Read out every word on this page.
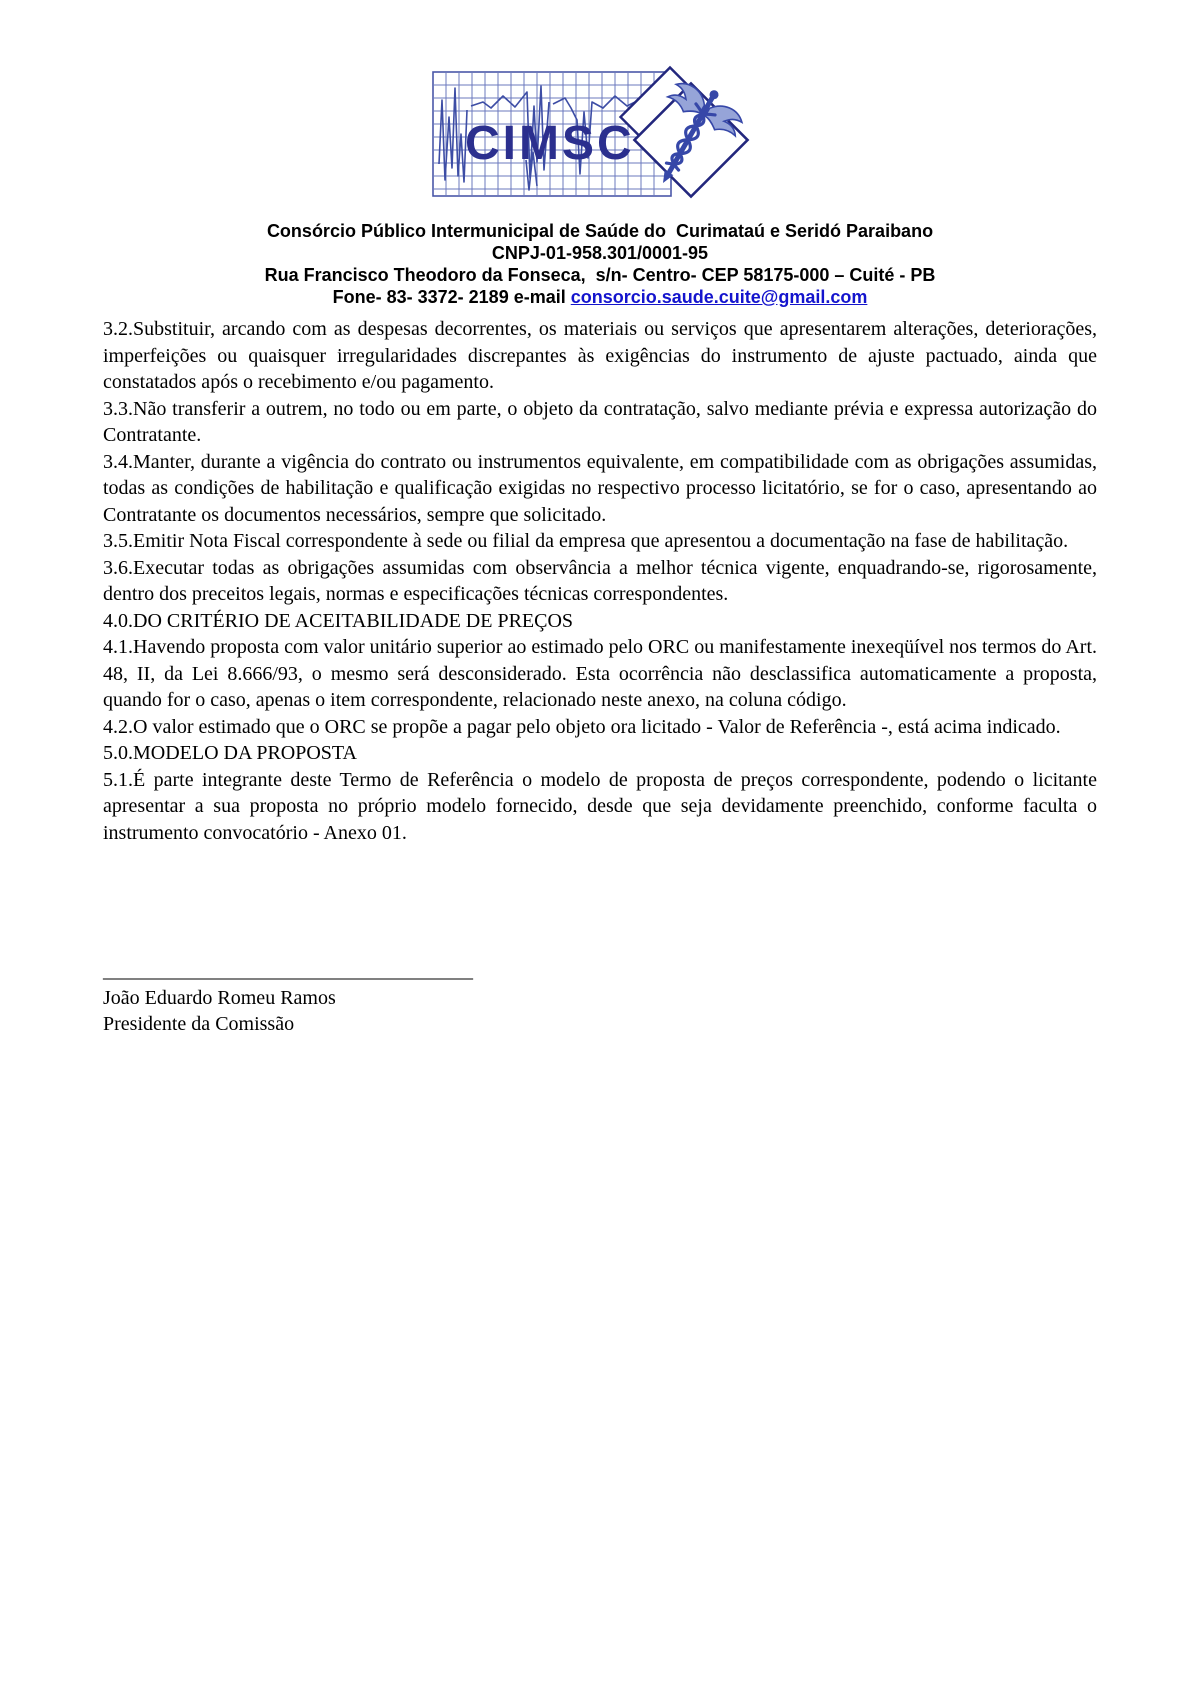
CIMSC
Consórcio Público Intermunicipal de Saúde do  Curimataú e Seridó Paraibano
CNPJ-01-958.301/0001-95
Rua Francisco Theodoro da Fonseca,  s/n- Centro- CEP 58175-000 – Cuité - PB
Fone- 83- 3372- 2189 e-mail consorcio.saude.cuite@gmail.com

3.2.Substituir, arcando com as despesas decorrentes, os materiais ou serviços que apresentarem alterações, deteriorações, imperfeições ou quaisquer irregularidades discrepantes às exigências do instrumento de ajuste pactuado, ainda que constatados após o recebimento e/ou pagamento.

3.3.Não transferir a outrem, no todo ou em parte, o objeto da contratação, salvo mediante prévia e expressa autorização do Contratante.

3.4.Manter, durante a vigência do contrato ou instrumentos equivalente, em compatibilidade com as obrigações assumidas, todas as condições de habilitação e qualificação exigidas no respectivo processo licitatório, se for o caso, apresentando ao Contratante os documentos necessários, sempre que solicitado.

3.5.Emitir Nota Fiscal correspondente à sede ou filial da empresa que apresentou a documentação na fase de habilitação.

3.6.Executar todas as obrigações assumidas com observância a melhor técnica vigente, enquadrando-se, rigorosamente, dentro dos preceitos legais, normas e especificações técnicas correspondentes.

4.0.DO CRITÉRIO DE ACEITABILIDADE DE PREÇOS

4.1.Havendo proposta com valor unitário superior ao estimado pelo ORC ou manifestamente inexeqüível nos termos do Art. 48, II, da Lei 8.666/93, o mesmo será desconsiderado. Esta ocorrência não desclassifica automaticamente a proposta, quando for o caso, apenas o item correspondente, relacionado neste anexo, na coluna código.

4.2.O valor estimado que o ORC se propõe a pagar pelo objeto ora licitado - Valor de Referência -, está acima indicado.

5.0.MODELO DA PROPOSTA

5.1.É parte integrante deste Termo de Referência o modelo de proposta de preços correspondente, podendo o licitante apresentar a sua proposta no próprio modelo fornecido, desde que seja devidamente preenchido, conforme faculta o instrumento convocatório - Anexo 01.

_____________________________________

João Eduardo Romeu Ramos

Presidente da Comissão
